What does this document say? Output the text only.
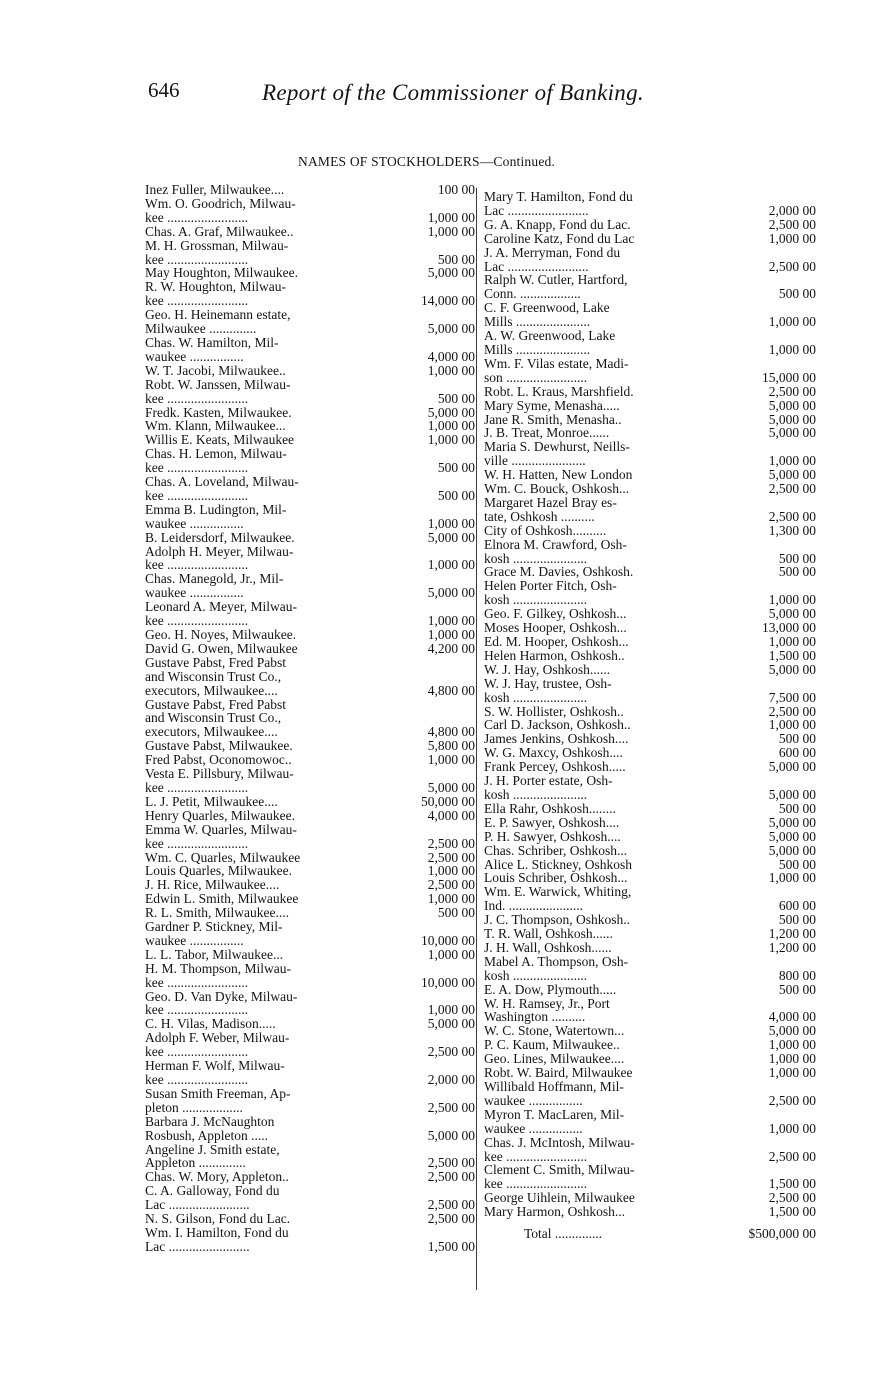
646	Report of the Commissioner of Banking.
NAMES OF STOCKHOLDERS—Continued.
Inez Fuller, Milwaukee....	100 00
Wm. O. Goodrich, Milwau-
kee ........................	1,000 00
Chas. A. Graf, Milwaukee..	1,000 00
M. H. Grossman, Milwau-
kee ........................	500 00
May Houghton, Milwaukee.	5,000 00
R. W. Houghton, Milwau-
kee ........................	14,000 00
Geo. H. Heinemann estate,
Milwaukee ..............	5,000 00
Chas. W. Hamilton, Mil-
waukee ................	4,000 00
W. T. Jacobi, Milwaukee..	1,000 00
Robt. W. Janssen, Milwau-
kee ........................	500 00
Fredk. Kasten, Milwaukee.	5,000 00
Wm. Klann, Milwaukee...	1,000 00
Willis E. Keats, Milwaukee	1,000 00
Chas. H. Lemon, Milwau-
kee ........................	500 00
Chas. A. Loveland, Milwau-
kee ........................	500 00
Emma B. Ludington, Mil-
waukee ................	1,000 00
B. Leidersdorf, Milwaukee.	5,000 00
Adolph H. Meyer, Milwau-
kee ........................	1,000 00
Chas. Manegold, Jr., Mil-
waukee ................	5,000 00
Leonard A. Meyer, Milwau-
kee ........................	1,000 00
Geo. H. Noyes, Milwaukee.	1,000 00
David G. Owen, Milwaukee	4,200 00
Gustave Pabst, Fred Pabst
and Wisconsin Trust Co.,
executors, Milwaukee....	4,800 00
Gustave Pabst, Fred Pabst
and Wisconsin Trust Co.,
executors, Milwaukee....	4,800 00
Gustave Pabst, Milwaukee.	5,800 00
Fred Pabst, Oconomowoc..	1,000 00
Vesta E. Pillsbury, Milwau-
kee ........................	5,000 00
L. J. Petit, Milwaukee....	50,000 00
Henry Quarles, Milwaukee.	4,000 00
Emma W. Quarles, Milwau-
kee ........................	2,500 00
Wm. C. Quarles, Milwaukee	2,500 00
Louis Quarles, Milwaukee.	1,000 00
J. H. Rice, Milwaukee....	2,500 00
Edwin L. Smith, Milwaukee	1,000 00
R. L. Smith, Milwaukee....	500 00
Gardner P. Stickney, Mil-
waukee ................	10,000 00
L. L. Tabor, Milwaukee...	1,000 00
H. M. Thompson, Milwau-
kee ........................	10,000 00
Geo. D. Van Dyke, Milwau-
kee ........................	1,000 00
C. H. Vilas, Madison.....	5,000 00
Adolph F. Weber, Milwau-
kee ........................	2,500 00
Herman F. Wolf, Milwau-
kee ........................	2,000 00
Susan Smith Freeman, Ap-
pleton ..................	2,500 00
Barbara J. McNaughton
Rosbush, Appleton .....	5,000 00
Angeline J. Smith estate,
Appleton ..............	2,500 00
Chas. W. Mory, Appleton..	2,500 00
C. A. Galloway, Fond du
Lac ........................	2,500 00
N. S. Gilson, Fond du Lac.	2,500 00
Wm. I. Hamilton, Fond du
Lac ........................	1,500 00
Mary T. Hamilton, Fond du
Lac ........................	2,000 00
G. A. Knapp, Fond du Lac.	2,500 00
Caroline Katz, Fond du Lac	1,000 00
J. A. Merryman, Fond du
Lac ........................	2,500 00
Ralph W. Cutler, Hartford,
Conn. ..................	500 00
C. F. Greenwood, Lake
Mills ......................	1,000 00
A. W. Greenwood, Lake
Mills ......................	1,000 00
Wm. F. Vilas estate, Madi-
son ........................	15,000 00
Robt. L. Kraus, Marshfield.	2,500 00
Mary Syme, Menasha.....	5,000 00
Jane R. Smith, Menasha..	5,000 00
J. B. Treat, Monroe......	5,000 00
Maria S. Dewhurst, Neills-
ville ......................	1,000 00
W. H. Hatten, New London	5,000 00
Wm. C. Bouck, Oshkosh...	2,500 00
Margaret Hazel Bray es-
tate, Oshkosh ..........	2,500 00
City of Oshkosh..........	1,300 00
Elnora M. Crawford, Osh-
kosh ......................	500 00
Grace M. Davies, Oshkosh.	500 00
Helen Porter Fitch, Osh-
kosh ......................	1,000 00
Geo. F. Gilkey, Oshkosh...	5,000 00
Moses Hooper, Oshkosh...	13,000 00
Ed. M. Hooper, Oshkosh...	1,000 00
Helen Harmon, Oshkosh..	1,500 00
W. J. Hay, Oshkosh......	5,000 00
W. J. Hay, trustee, Osh-
kosh ......................	7,500 00
S. W. Hollister, Oshkosh..	2,500 00
Carl D. Jackson, Oshkosh..	1,000 00
James Jenkins, Oshkosh....	500 00
W. G. Maxcy, Oshkosh....	600 00
Frank Percey, Oshkosh.....	5,000 00
J. H. Porter estate, Osh-
kosh ......................	5,000 00
Ella Rahr, Oshkosh........	500 00
E. P. Sawyer, Oshkosh....	5,000 00
P. H. Sawyer, Oshkosh....	5,000 00
Chas. Schriber, Oshkosh...	5,000 00
Alice L. Stickney, Oshkosh	500 00
Louis Schriber, Oshkosh...	1,000 00
Wm. E. Warwick, Whiting,
Ind. ......................	600 00
J. C. Thompson, Oshkosh..	500 00
T. R. Wall, Oshkosh......	1,200 00
J. H. Wall, Oshkosh......	1,200 00
Mabel A. Thompson, Osh-
kosh ......................	800 00
E. A. Dow, Plymouth.....	500 00
W. H. Ramsey, Jr., Port
Washington ..........	4,000 00
W. C. Stone, Watertown...	5,000 00
P. C. Kaum, Milwaukee..	1,000 00
Geo. Lines, Milwaukee....	1,000 00
Robt. W. Baird, Milwaukee	1,000 00
Willibald Hoffmann, Mil-
waukee ................	2,500 00
Myron T. MacLaren, Mil-
waukee ................	1,000 00
Chas. J. McIntosh, Milwau-
kee ........................	2,500 00
Clement C. Smith, Milwau-
kee ........................	1,500 00
George Uihlein, Milwaukee	2,500 00
Mary Harmon, Oshkosh...	1,500 00
Total ..............	$500,000 00
